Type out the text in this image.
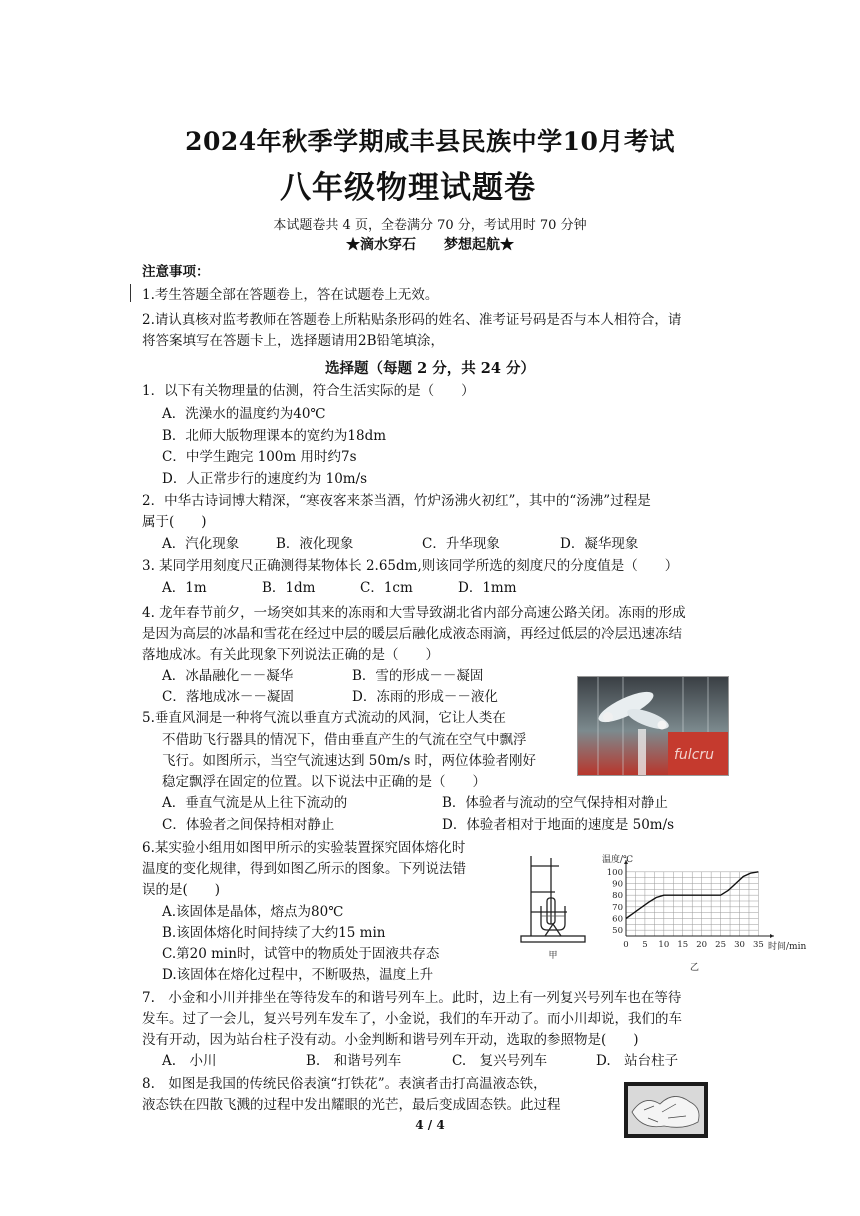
2024年秋季学期咸丰县民族中学10月考试
八年级物理试题卷
本试题卷共 4 页，全卷满分 70 分，考试用时 70 分钟
★滴水穿石　　梦想起航★
注意事项：
1.考生答题全部在答题卷上，答在试题卷上无效。
2.请认真核对监考教师在答题卷上所粘贴条形码的姓名、准考证号码是否与本人相符合，请
将答案填写在答题卡上，选择题请用2B铅笔填涂，
选择题（每题 2 分，共 24 分）
1．以下有关物理量的估测，符合生活实际的是（　　）
A．洗澡水的温度约为40℃
B．北师大版物理课本的宽约为18dm
C．中学生跑完 100m 用时约7s
D．人正常步行的速度约为 10m/s
2．中华古诗词博大精深，“寒夜客来茶当酒，竹炉汤沸火初红”，其中的“汤沸”过程是
属于(　　)
A．汽化现象	B．液化现象	C．升华现象	D．凝华现象
3. 某同学用刻度尺正确测得某物体长 2.65dm,则该同学所选的刻度尺的分度值是（　　）
A．1m	B．1dm	C．1cm	D．1mm
4. 龙年春节前夕，一场突如其来的冻雨和大雪导致湖北省内部分高速公路关闭。冻雨的形成
是因为高层的冰晶和雪花在经过中层的暖层后融化成液态雨滴，再经过低层的冷层迅速冻结
落地成冰。有关此现象下列说法正确的是（　　）
A．冰晶融化－－凝华	B．雪的形成－－凝固
C．落地成冰－－凝固	D．冻雨的形成－－液化
fulcru
5.垂直风洞是一种将气流以垂直方式流动的风洞，它让人类在
不借助飞行器具的情况下，借由垂直产生的气流在空气中飘浮
飞行。如图所示，当空气流速达到 50m/s 时，两位体验者刚好
稳定飘浮在固定的位置。以下说法中正确的是（　　）
A．垂直气流是从上往下流动的	B．体验者与流动的空气保持相对静止
C．体验者之间保持相对静止	D．体验者相对于地面的速度是 50m/s
6.某实验小组用如图甲所示的实验装置探究固体熔化时
温度的变化规律，得到如图乙所示的图象。下列说法错
误的是(　　)
A.该固体是晶体，熔点为80℃
B.该固体熔化时间持续了大约15 min
C.第20 min时，试管中的物质处于固液共存态
D.该固体在熔化过程中，不断吸热，温度上升
甲
0 5 10 15 20 25 30 35
50
60
70
80
90
100
温度/℃
时间/min
乙
7.　小金和小川并排坐在等待发车的和谐号列车上。此时，边上有一列复兴号列车也在等待
发车。过了一会儿，复兴号列车发车了，小金说，我们的车开动了。而小川却说，我们的车
没有开动，因为站台柱子没有动。小金判断和谐号列车开动，选取的参照物是(　　)
A.　小川	B.　和谐号列车	C.　复兴号列车	D.　站台柱子
8.　如图是我国的传统民俗表演“打铁花”。表演者击打高温液态铁，
液态铁在四散飞溅的过程中发出耀眼的光芒，最后变成固态铁。此过程
4 / 4
